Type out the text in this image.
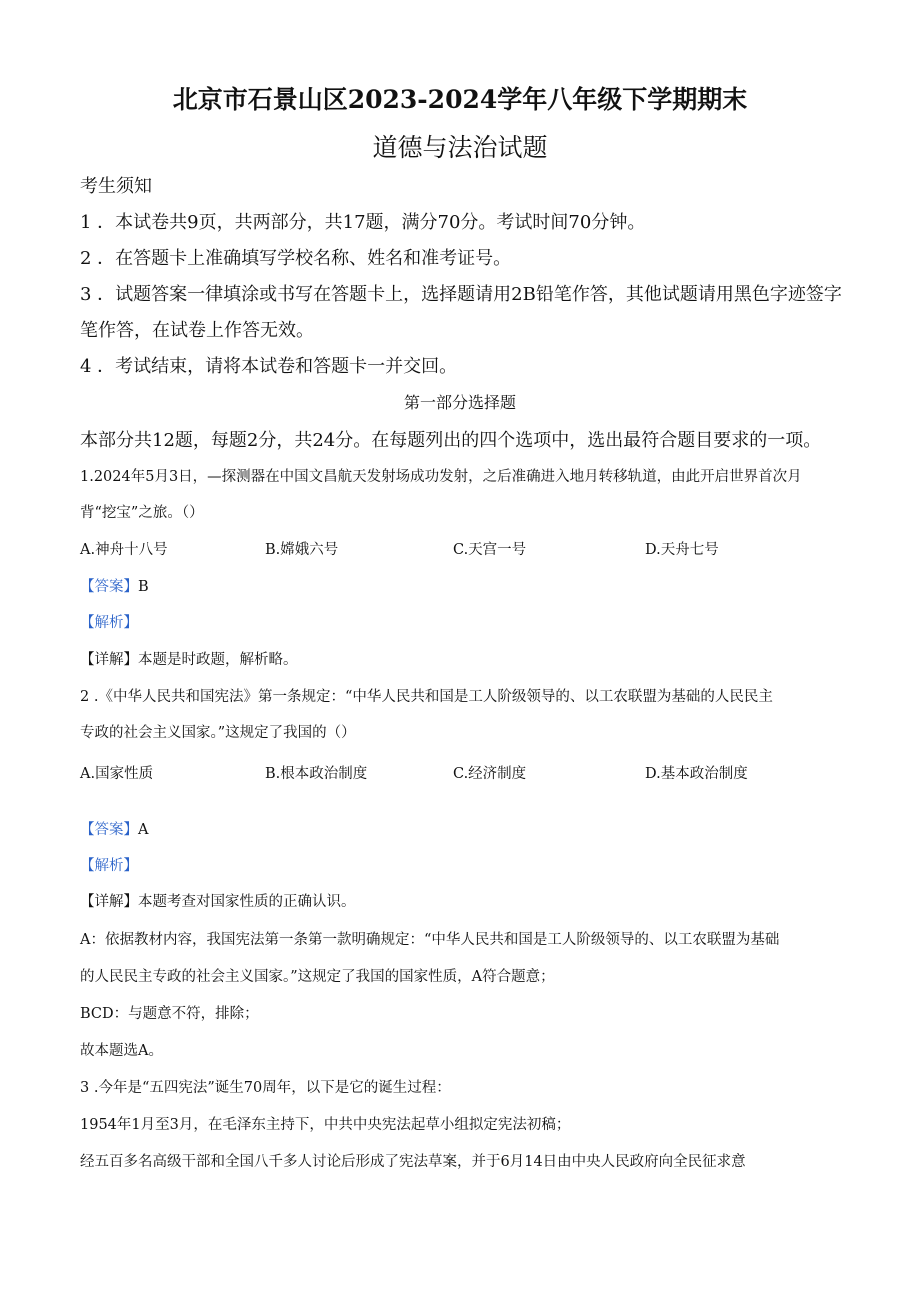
北京市石景山区2023-2024学年八年级下学期期末
道德与法治试题
考生须知
1 ．本试卷共9页，共两部分，共17题，满分70分。考试时间70分钟。
2 ．在答题卡上准确填写学校名称、姓名和准考证号。
3 ．试题答案一律填涂或书写在答题卡上，选择题请用2B铅笔作答，其他试题请用黑色字迹签字
笔作答，在试卷上作答无效。
4 ．考试结束，请将本试卷和答题卡一并交回。
第一部分选择题
本部分共12题，每题2分，共24分。在每题列出的四个选项中，选出最符合题目要求的一项。
1.2024年5月3日，—探测器在中国文昌航天发射场成功发射，之后准确进入地月转移轨道，由此开启世界首次月
背“挖宝”之旅。（）
A.神舟十八号	B.嫦娥六号	C.天宫一号	D.天舟七号
【答案】B
【解析】
【详解】本题是时政题，解析略。
2 .《中华人民共和国宪法》第一条规定：“中华人民共和国是工人阶级领导的、以工农联盟为基础的人民民主
专政的社会主义国家。”这规定了我国的（）
A.国家性质	B.根本政治制度	C.经济制度	D.基本政治制度
【答案】A
【解析】
【详解】本题考查对国家性质的正确认识。
A：依据教材内容，我国宪法第一条第一款明确规定：“中华人民共和国是工人阶级领导的、以工农联盟为基础
的人民民主专政的社会主义国家。”这规定了我国的国家性质，A符合题意；
BCD：与题意不符，排除；
故本题选A。
3 .今年是“五四宪法”诞生70周年，以下是它的诞生过程：
1954年1月至3月，在毛泽东主持下，中共中央宪法起草小组拟定宪法初稿；
经五百多名高级干部和全国八千多人讨论后形成了宪法草案，并于6月14日由中央人民政府向全民征求意
